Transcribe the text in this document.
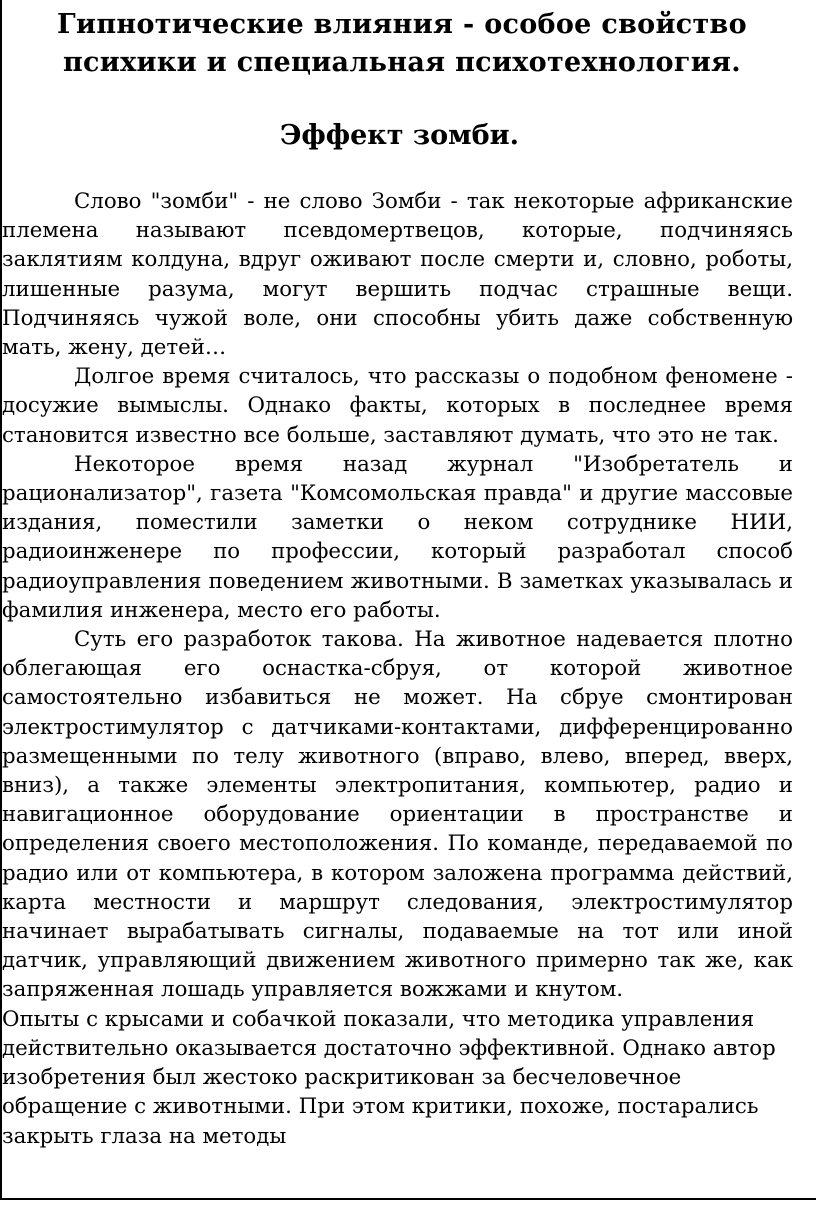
Гипнотические влияния - особое свойство психики и специальная психотехнология.
Эффект зомби.

Слово "зомби" - не слово Зомби - так некоторые африканские племена называют псевдомертвецов, которые, подчиняясь заклятиям колдуна, вдруг оживают после смерти и, словно, роботы, лишенные разума, могут вершить подчас страшные вещи. Подчиняясь чужой воле, они способны убить даже собственную мать, жену, детей…

Долгое время считалось, что рассказы о подобном феномене - досужие вымыслы. Однако факты, которых в последнее время становится известно все больше, заставляют думать, что это не так.

Некоторое время назад журнал "Изобретатель и рационализатор", газета "Комсомольская правда" и другие массовые издания, поместили заметки о неком сотруднике НИИ, радиоинженере по профессии, который разработал способ радиоуправления поведением животными. В заметках указывалась и фамилия инженера, место его работы.

Суть его разработок такова. На животное надевается плотно облегающая его оснастка-сбруя, от которой животное самостоятельно избавиться не может. На сбруе смонтирован электростимулятор с датчиками-контактами, дифференцированно размещенными по телу животного (вправо, влево, вперед, вверх, вниз), а также элементы электропитания, компьютер, радио и навигационное оборудование ориентации в пространстве и определения своего местоположения. По команде, передаваемой по радио или от компьютера, в котором заложена программа действий, карта местности и маршрут следования, электростимулятор начинает вырабатывать сигналы, подаваемые на тот или иной датчик, управляющий движением животного примерно так же, как запряженная лошадь управляется вожжами и кнутом.

Опыты с крысами и собачкой показали, что методика управления действительно оказывается достаточно эффективной. Однако автор изобретения был жестоко раскритикован за бесчеловечное обращение с животными. При этом критики, похоже, постарались закрыть глаза на методы
